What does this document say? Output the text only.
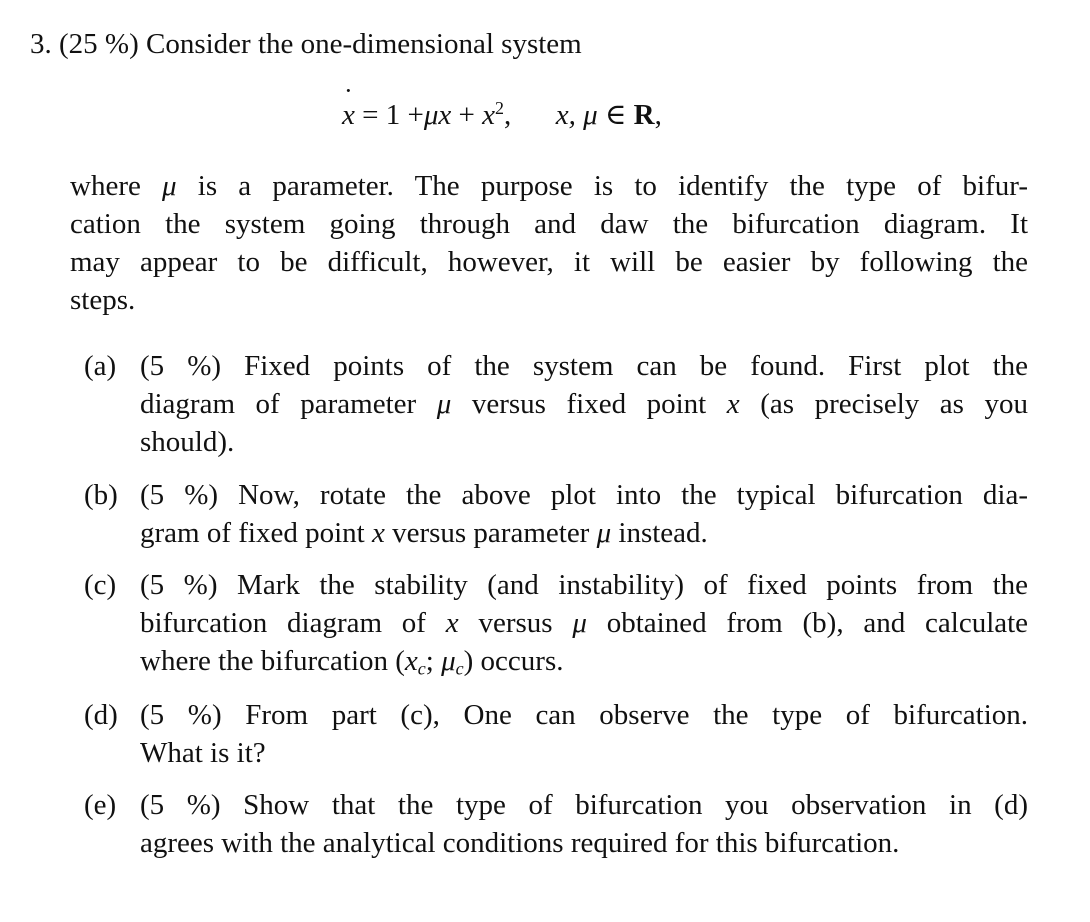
3. (25 %) Consider the one-dimensional system
˙ $x = 1 +\mu x + x^2$, x, μ ∈ R,
where μ is a parameter. The purpose is to identify the type of bifur-
cation the system going through and daw the bifurcation diagram. It
may appear to be difficult, however, it will be easier by following the
steps.
(a) (5 %) Fixed points of the system can be found. First plot the
diagram of parameter μ versus fixed point x (as precisely as you
should).
(b) (5 %) Now, rotate the above plot into the typical bifurcation dia-
gram of fixed point x versus parameter μ instead.
(c) (5 %) Mark the stability (and instability) of fixed points from the
bifurcation diagram of x versus μ obtained from (b), and calculate
where the bifurcation ($x_c$; $\mu_c$) occurs.
(d) (5 %) From part (c), One can observe the type of bifurcation.
What is it?
(e) (5 %) Show that the type of bifurcation you observation in (d)
agrees with the analytical conditions required for this bifurcation.
